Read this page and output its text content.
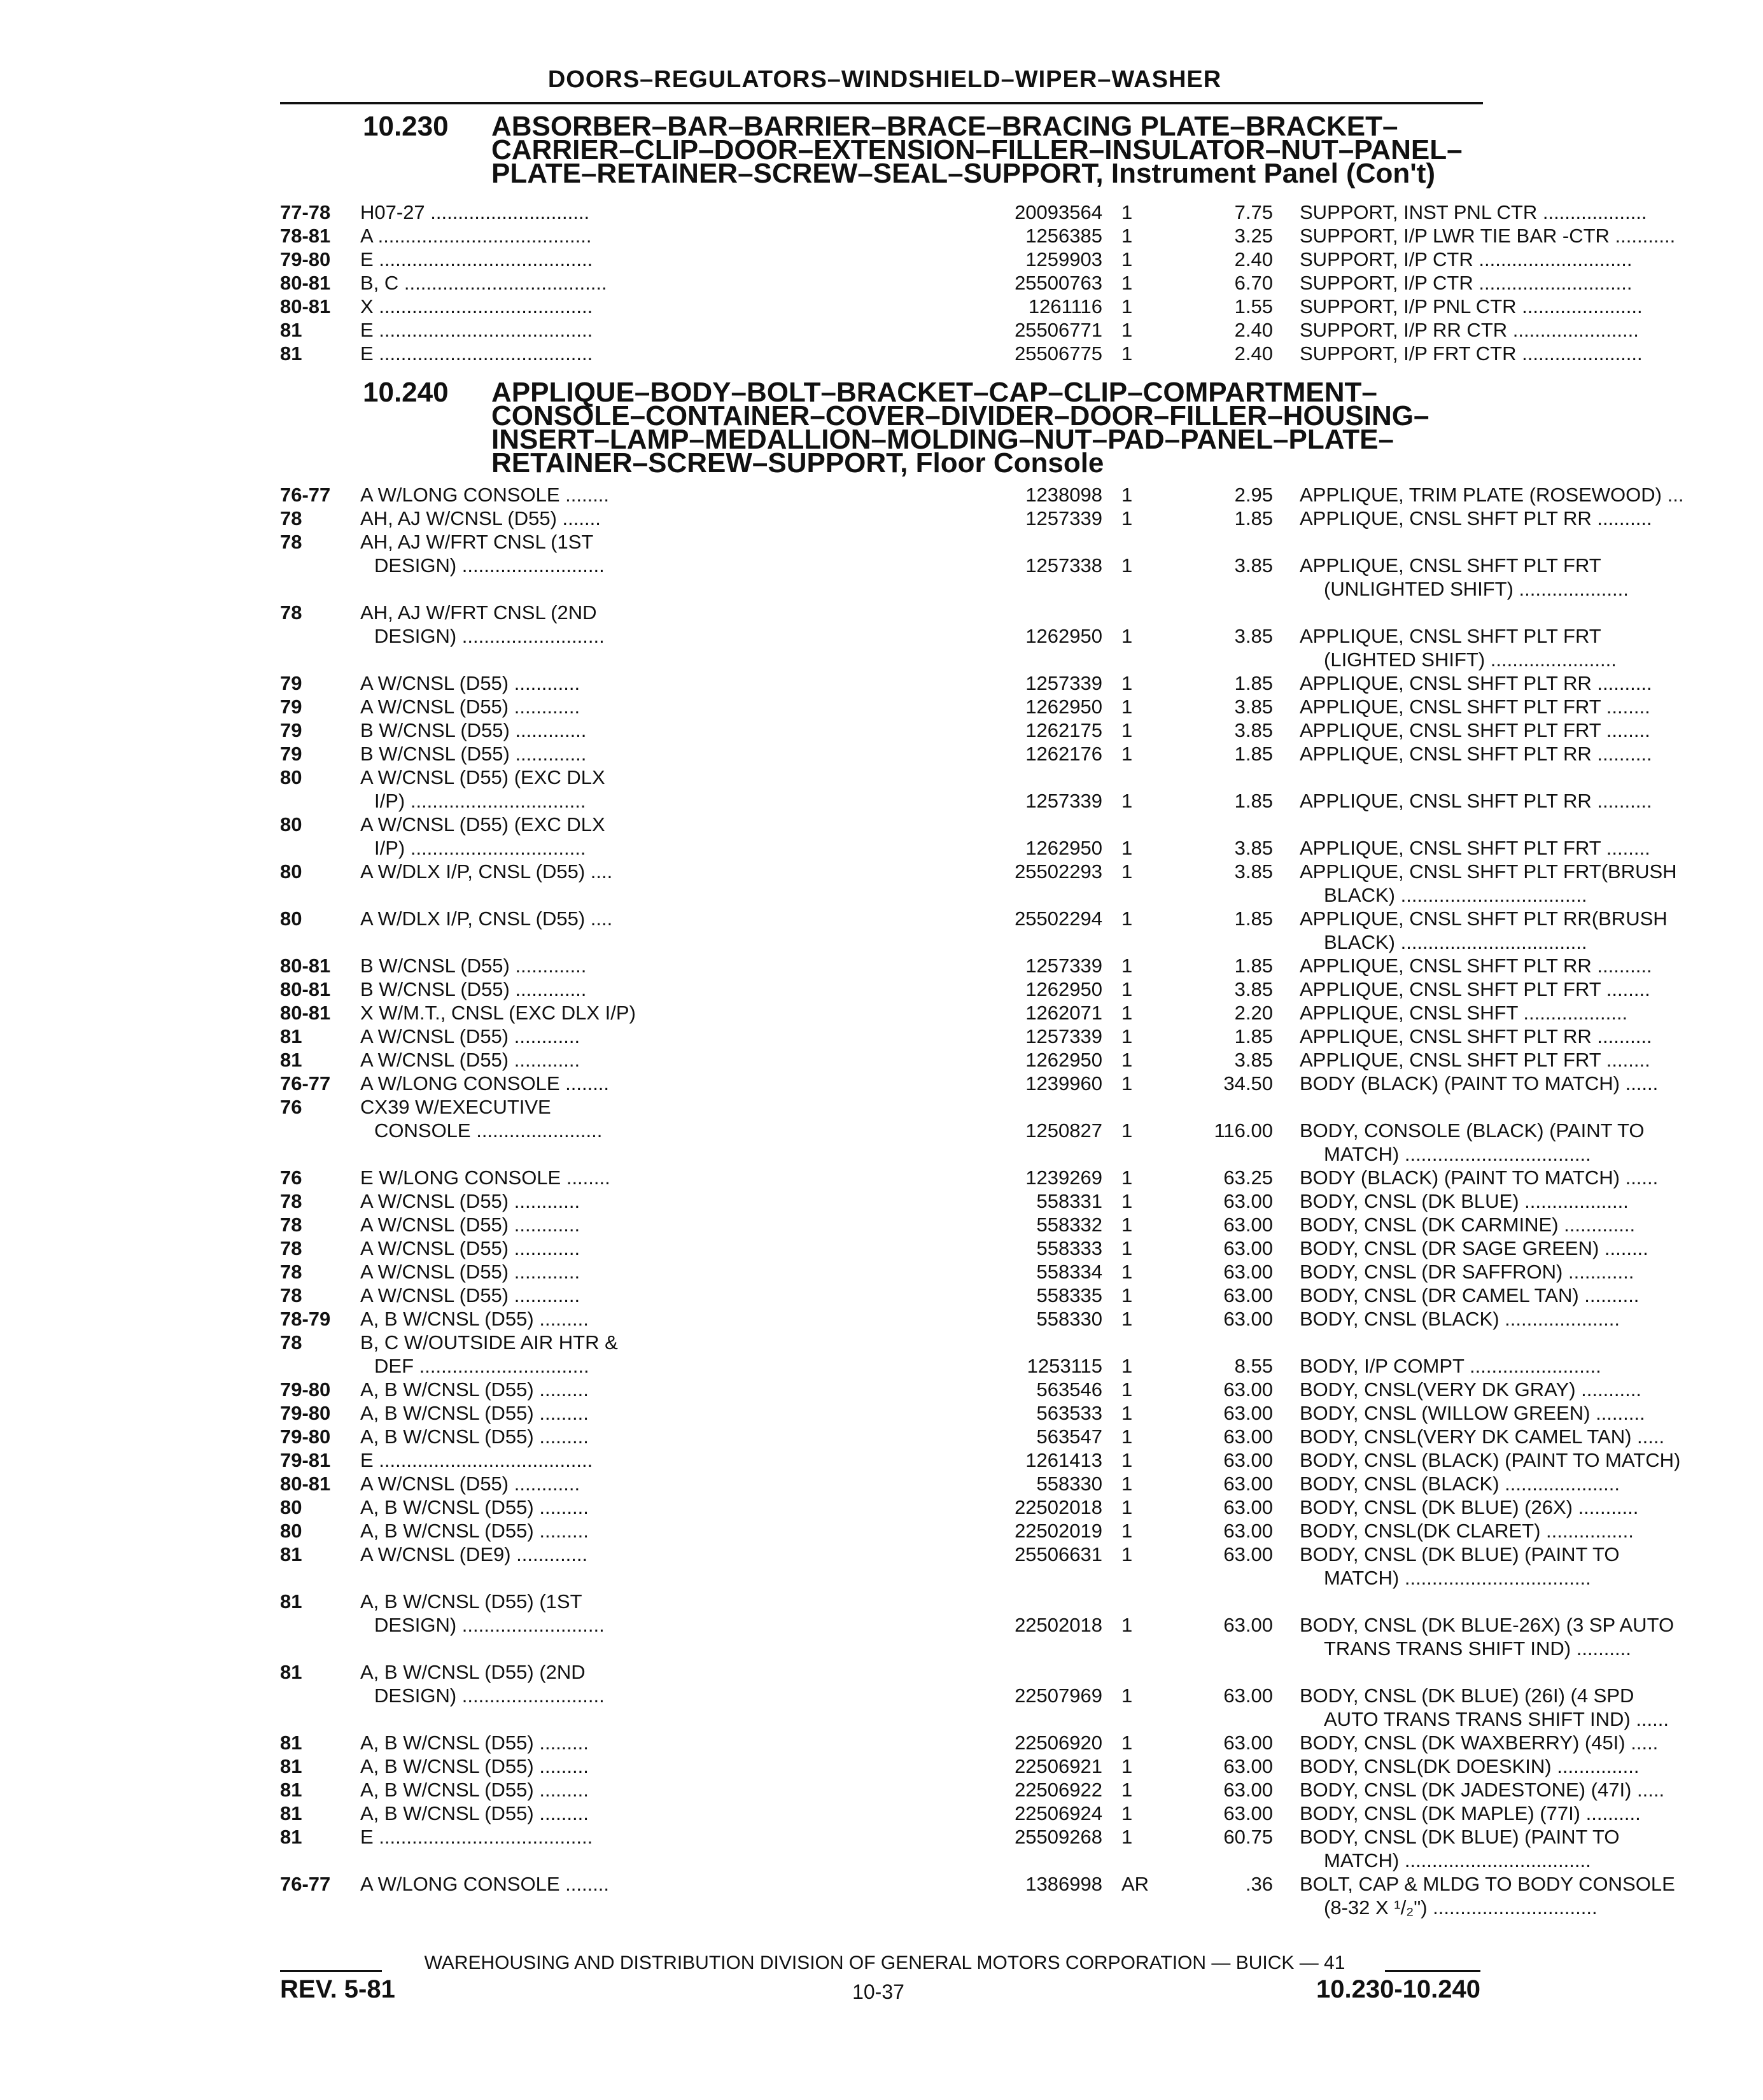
DOORS–REGULATORS–WINDSHIELD–WIPER–WASHER
10.230 ABSORBER–BAR–BARRIER–BRACE–BRACING PLATE–BRACKET–
CARRIER–CLIP–DOOR–EXTENSION–FILLER–INSULATOR–NUT–PANEL–
PLATE–RETAINER–SCREW–SEAL–SUPPORT, Instrument Panel (Con't)
77-78	H07-27 .............................	20093564 1	7.75 SUPPORT, INST PNL CTR ...................
78-81	A .......................................	1256385 1	3.25 SUPPORT, I/P LWR TIE BAR -CTR ...........
79-80	E .......................................	1259903 1	2.40 SUPPORT, I/P CTR ............................
80-81	B, C .....................................	25500763 1	6.70 SUPPORT, I/P CTR ............................
80-81	X .......................................	1261116 1	1.55 SUPPORT, I/P PNL CTR ......................
81	E .......................................	25506771 1	2.40 SUPPORT, I/P RR CTR .......................
81	E .......................................	25506775 1	2.40 SUPPORT, I/P FRT CTR ......................
10.240 APPLIQUE–BODY–BOLT–BRACKET–CAP–CLIP–COMPARTMENT–
CONSOLE–CONTAINER–COVER–DIVIDER–DOOR–FILLER–HOUSING–
INSERT–LAMP–MEDALLION–MOLDING–NUT–PAD–PANEL–PLATE–
RETAINER–SCREW–SUPPORT, Floor Console
76-77	A W/LONG CONSOLE ........	1238098 1	2.95 APPLIQUE, TRIM PLATE (ROSEWOOD) ...
78	AH, AJ W/CNSL (D55) .......	1257339 1	1.85 APPLIQUE, CNSL SHFT PLT RR ..........
78	AH, AJ W/FRT CNSL (1ST
DESIGN) ..........................	1257338 1	3.85 APPLIQUE, CNSL SHFT PLT FRT
(UNLIGHTED SHIFT) ....................
78	AH, AJ W/FRT CNSL (2ND
DESIGN) ..........................	1262950 1	3.85 APPLIQUE, CNSL SHFT PLT FRT
(LIGHTED SHIFT) .......................
79	A W/CNSL (D55) ............	1257339 1	1.85 APPLIQUE, CNSL SHFT PLT RR ..........
79	A W/CNSL (D55) ............	1262950 1	3.85 APPLIQUE, CNSL SHFT PLT FRT ........
79	B W/CNSL (D55) .............	1262175 1	3.85 APPLIQUE, CNSL SHFT PLT FRT ........
79	B W/CNSL (D55) .............	1262176 1	1.85 APPLIQUE, CNSL SHFT PLT RR ..........
80	A W/CNSL (D55) (EXC DLX
I/P) ................................	1257339 1	1.85 APPLIQUE, CNSL SHFT PLT RR ..........
80	A W/CNSL (D55) (EXC DLX
I/P) ................................	1262950 1	3.85 APPLIQUE, CNSL SHFT PLT FRT ........
80	A W/DLX I/P, CNSL (D55) ....	25502293 1	3.85 APPLIQUE, CNSL SHFT PLT FRT(BRUSH
BLACK) ..................................
80	A W/DLX I/P, CNSL (D55) ....	25502294 1	1.85 APPLIQUE, CNSL SHFT PLT RR(BRUSH
BLACK) ..................................
80-81	B W/CNSL (D55) .............	1257339 1	1.85 APPLIQUE, CNSL SHFT PLT RR ..........
80-81	B W/CNSL (D55) .............	1262950 1	3.85 APPLIQUE, CNSL SHFT PLT FRT ........
80-81	X W/M.T., CNSL (EXC DLX I/P)	1262071 1	2.20 APPLIQUE, CNSL SHFT ...................
81	A W/CNSL (D55) ............	1257339 1	1.85 APPLIQUE, CNSL SHFT PLT RR ..........
81	A W/CNSL (D55) ............	1262950 1	3.85 APPLIQUE, CNSL SHFT PLT FRT ........
76-77	A W/LONG CONSOLE ........	1239960 1	34.50 BODY (BLACK) (PAINT TO MATCH) ......
76	CX39 W/EXECUTIVE
CONSOLE .......................	1250827 1	116.00 BODY, CONSOLE (BLACK) (PAINT TO
MATCH) ..................................
76	E W/LONG CONSOLE ........	1239269 1	63.25 BODY (BLACK) (PAINT TO MATCH) ......
78	A W/CNSL (D55) ............	558331 1	63.00 BODY, CNSL (DK BLUE) ...................
78	A W/CNSL (D55) ............	558332 1	63.00 BODY, CNSL (DK CARMINE) .............
78	A W/CNSL (D55) ............	558333 1	63.00 BODY, CNSL (DR SAGE GREEN) ........
78	A W/CNSL (D55) ............	558334 1	63.00 BODY, CNSL (DR SAFFRON) ............
78	A W/CNSL (D55) ............	558335 1	63.00 BODY, CNSL (DR CAMEL TAN) ..........
78-79	A, B W/CNSL (D55) .........	558330 1	63.00 BODY, CNSL (BLACK) .....................
78	B, C W/OUTSIDE AIR HTR &
DEF ...............................	1253115 1	8.55 BODY, I/P COMPT ........................
79-80	A, B W/CNSL (D55) .........	563546 1	63.00 BODY, CNSL(VERY DK GRAY) ...........
79-80	A, B W/CNSL (D55) .........	563533 1	63.00 BODY, CNSL (WILLOW GREEN) .........
79-80	A, B W/CNSL (D55) .........	563547 1	63.00 BODY, CNSL(VERY DK CAMEL TAN) .....
79-81	E .......................................	1261413 1	63.00 BODY, CNSL (BLACK) (PAINT TO MATCH)
80-81	A W/CNSL (D55) ............	558330 1	63.00 BODY, CNSL (BLACK) .....................
80	A, B W/CNSL (D55) .........	22502018 1	63.00 BODY, CNSL (DK BLUE) (26X) ...........
80	A, B W/CNSL (D55) .........	22502019 1	63.00 BODY, CNSL(DK CLARET) ................
81	A W/CNSL (DE9) .............	25506631 1	63.00 BODY, CNSL (DK BLUE) (PAINT TO
MATCH) ..................................
81	A, B W/CNSL (D55) (1ST
DESIGN) ..........................	22502018 1	63.00 BODY, CNSL (DK BLUE-26X) (3 SP AUTO
TRANS TRANS SHIFT IND) ..........
81	A, B W/CNSL (D55) (2ND
DESIGN) ..........................	22507969 1	63.00 BODY, CNSL (DK BLUE) (26I) (4 SPD
AUTO TRANS TRANS SHIFT IND) ......
81	A, B W/CNSL (D55) .........	22506920 1	63.00 BODY, CNSL (DK WAXBERRY) (45I) .....
81	A, B W/CNSL (D55) .........	22506921 1	63.00 BODY, CNSL(DK DOESKIN) ...............
81	A, B W/CNSL (D55) .........	22506922 1	63.00 BODY, CNSL (DK JADESTONE) (47I) .....
81	A, B W/CNSL (D55) .........	22506924 1	63.00 BODY, CNSL (DK MAPLE) (77I) ..........
81	E .......................................	25509268 1	60.75 BODY, CNSL (DK BLUE) (PAINT TO
MATCH) ..................................
76-77	A W/LONG CONSOLE ........	1386998 AR	.36 BOLT, CAP & MLDG TO BODY CONSOLE
(8-32 X ¹/₂") ..............................
WAREHOUSING AND DISTRIBUTION DIVISION OF GENERAL MOTORS CORPORATION — BUICK — 41
REV. 5-81	10-37	10.230-10.240
